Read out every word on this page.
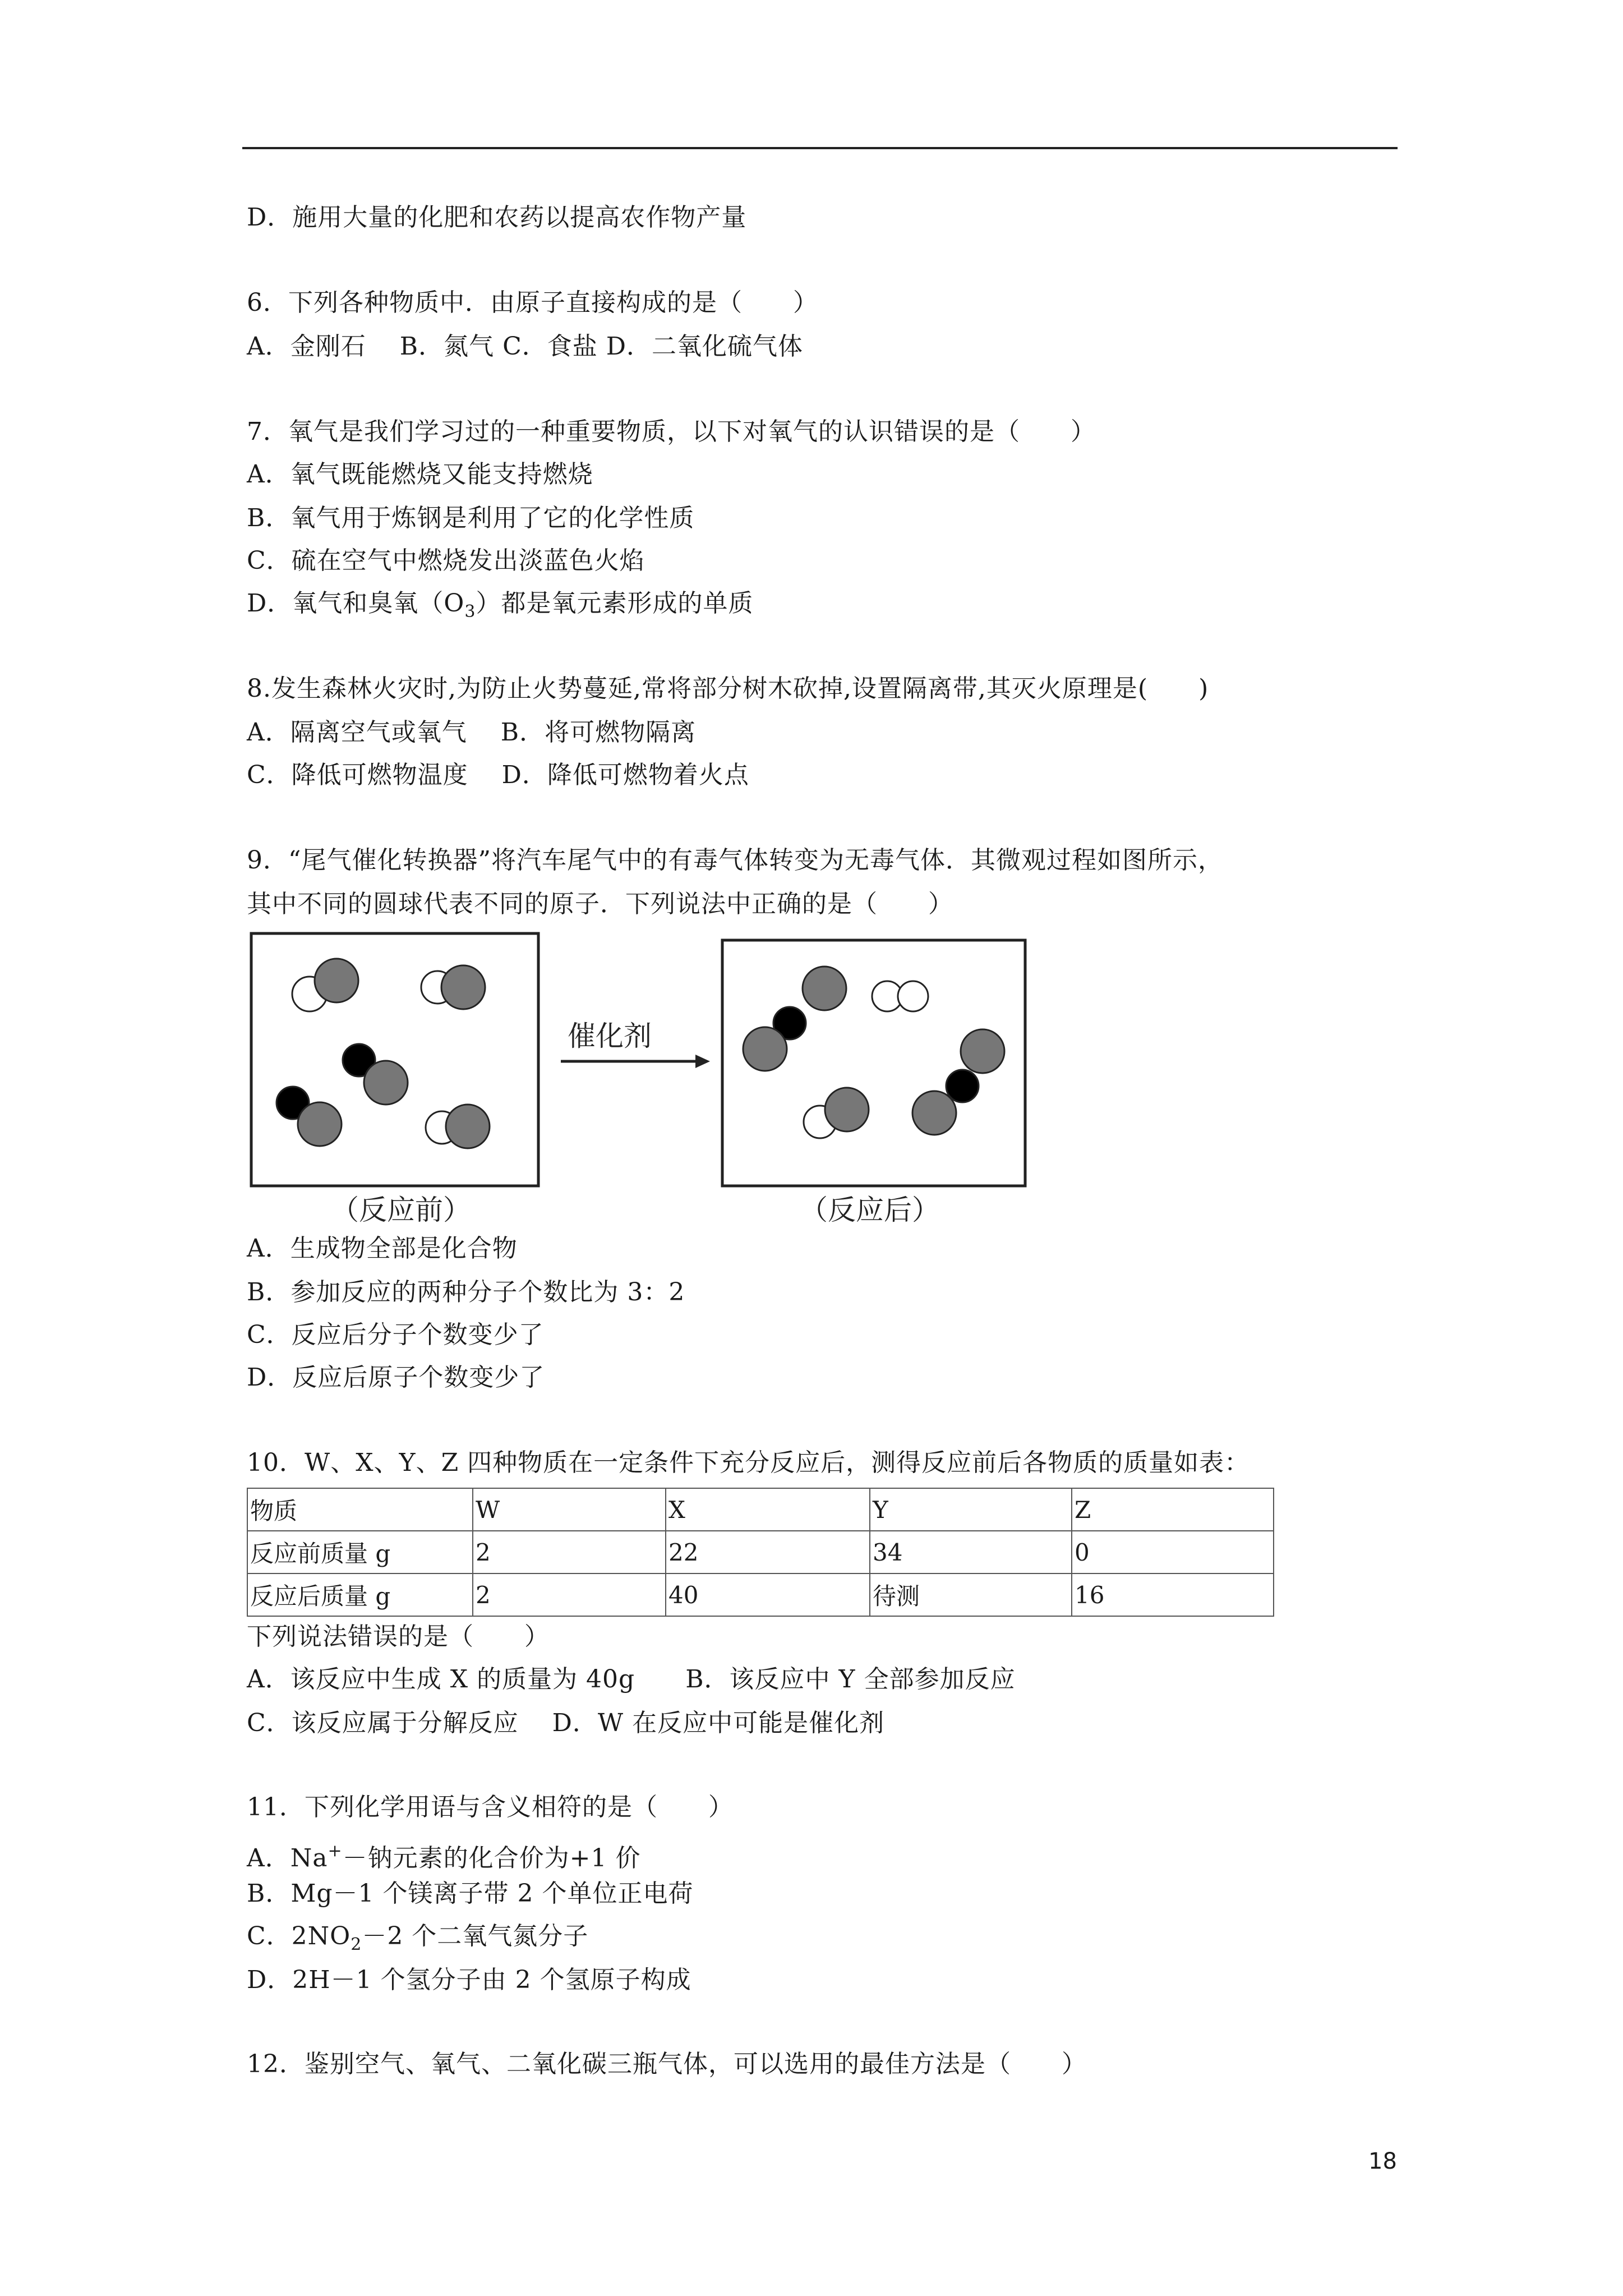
D．施用大量的化肥和农药以提高农作物产量
6．下列各种物质中．由原子直接构成的是（　　）
A．金刚石　 B．氮气 C．食盐 D．二氧化硫气体
7．氧气是我们学习过的一种重要物质，以下对氧气的认识错误的是（　　）
A．氧气既能燃烧又能支持燃烧
B．氧气用于炼钢是利用了它的化学性质
C．硫在空气中燃烧发出淡蓝色火焰
D．氧气和臭氧$(O_3)$都是氧元素形成的单质
8.发生森林火灾时,为防止火势蔓延,常将部分树木砍掉,设置隔离带,其灭火原理是(　　)
A．隔离空气或氧气　 B．将可燃物隔离
C．降低可燃物温度　 D．降低可燃物着火点
9．“尾气催化转换器”将汽车尾气中的有毒气体转变为无毒气体．其微观过程如图所示，
其中不同的圆球代表不同的原子．下列说法中正确的是（　　）
催化剂
（反应前）	（反应后）
A．生成物全部是化合物
B．参加反应的两种分子个数比为 3：2
C．反应后分子个数变少了
D．反应后原子个数变少了
10．W、X、Y、Z 四种物质在一定条件下充分反应后，测得反应前后各物质的质量如表：
物质	W	X	Y	Z
反应前质量 g	2	22	34	0
反应后质量 g	2	40	待测	16
下列说法错误的是（　　）
A．该反应中生成 X 的质量为 40g　　B．该反应中 Y 全部参加反应
C．该反应属于分解反应　 D．W 在反应中可能是催化剂
11．下列化学用语与含义相符的是（　　）
A．Na+－钠元素的化合价为+1 价
B．Mg－1 个镁离子带 2 个单位正电荷
C．$2NO_2-2$ 个二氧气氮分子
D．2H－1 个氢分子由 2 个氢原子构成
12．鉴别空气、氧气、二氧化碳三瓶气体，可以选用的最佳方法是（　　）
18
